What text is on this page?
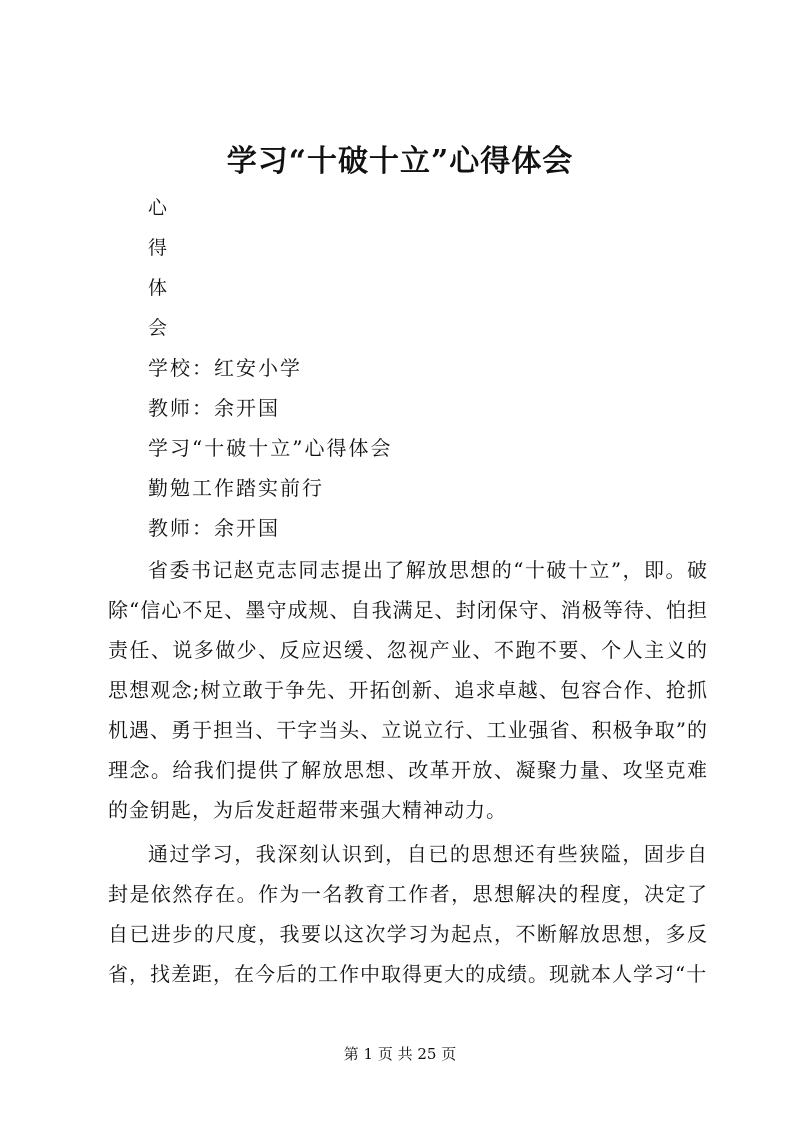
学习“十破十立”心得体会
心
得
体
会
学校：红安小学
教师：余开国
学习“十破十立”心得体会
勤勉工作踏实前行
教师：余开国

省委书记赵克志同志提出了解放思想的“十破十立”，即。破除“信心不足、墨守成规、自我满足、封闭保守、消极等待、怕担责任、说多做少、反应迟缓、忽视产业、不跑不要、个人主义的思想观念;树立敢于争先、开拓创新、追求卓越、包容合作、抢抓机遇、勇于担当、干字当头、立说立行、工业强省、积极争取”的理念。给我们提供了解放思想、改革开放、凝聚力量、攻坚克难的金钥匙，为后发赶超带来强大精神动力。

通过学习，我深刻认识到，自已的思想还有些狭隘，固步自封是依然存在。作为一名教育工作者，思想解决的程度，决定了自已进步的尺度，我要以这次学习为起点，不断解放思想，多反省，找差距，在今后的工作中取得更大的成绩。现就本人学习“十

第 1 页 共 25 页
